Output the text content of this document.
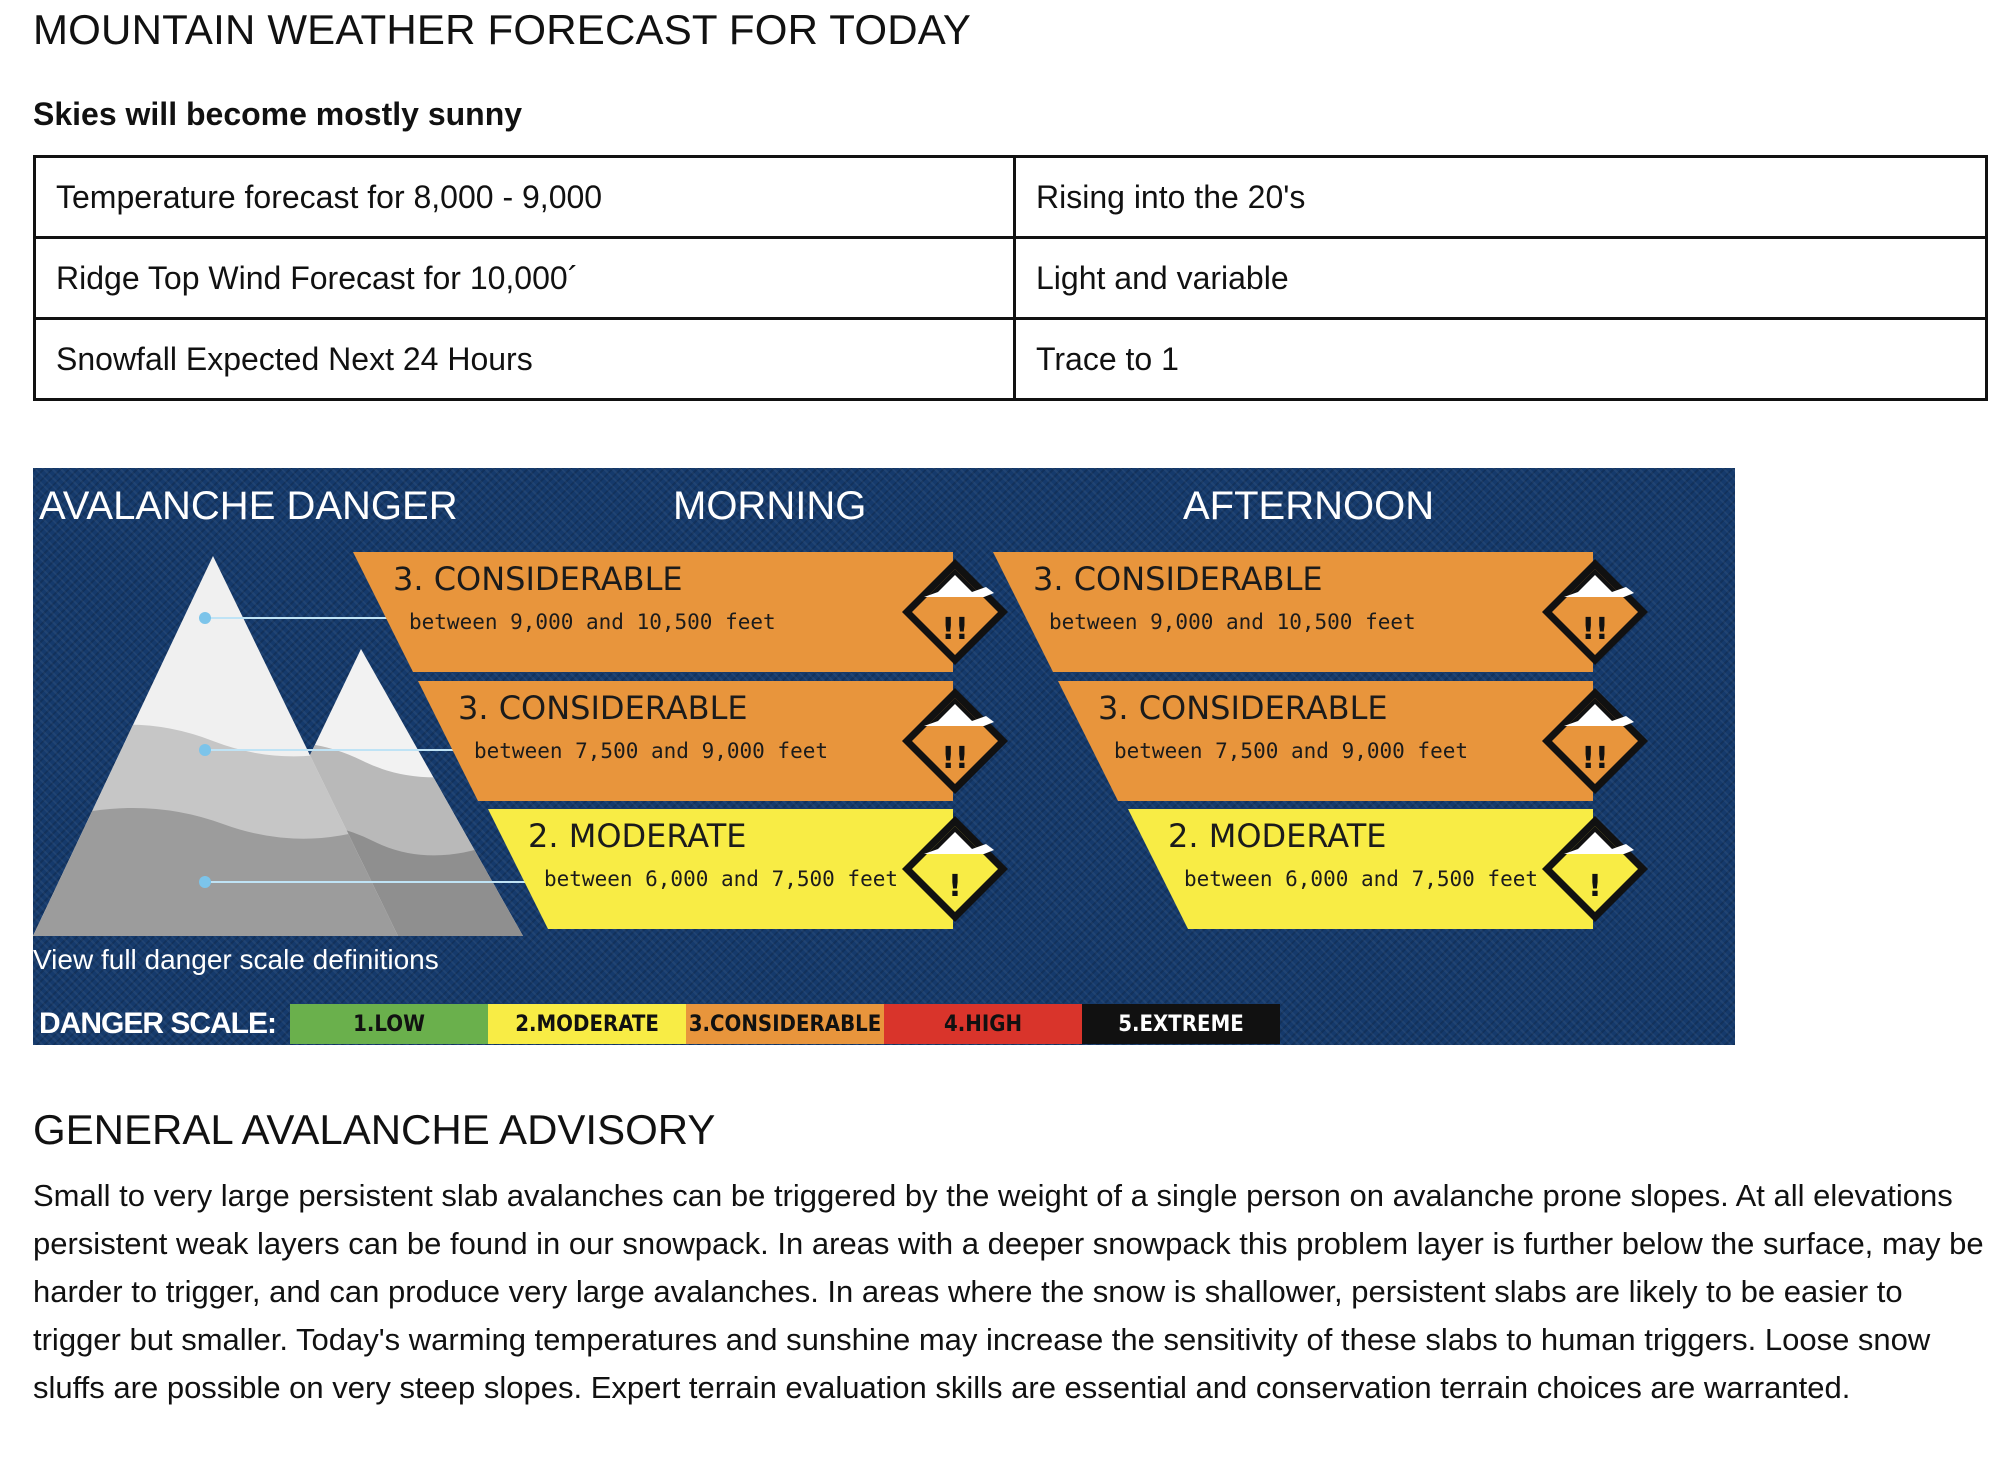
MOUNTAIN WEATHER FORECAST FOR TODAY
Skies will become mostly sunny
Temperature forecast for 8,000 - 9,000	Rising into the 20's
Ridge Top Wind Forecast for 10,000´	Light and variable
Snowfall Expected Next 24 Hours	Trace to 1
AVALANCHE DANGER	MORNING	AFTERNOON
3. CONSIDERABLE
between 9,000 and 10,500 feet	!!
3. CONSIDERABLE
between 7,500 and 9,000 feet	!!
2. MODERATE
between 6,000 and 7,500 feet !
3. CONSIDERABLE
between 9,000 and 10,500 feet	!!
3. CONSIDERABLE
between 7,500 and 9,000 feet	!!
2. MODERATE
between 6,000 and 7,500 feet !
View full danger scale definitions
DANGER SCALE:	1.LOW	2.MODERATE	3.CONSIDERABLE	4.HIGH	5.EXTREME
GENERAL AVALANCHE ADVISORY

Small to very large persistent slab avalanches can be triggered by the weight of a single person on avalanche prone slopes. At all elevations persistent weak layers can be found in our snowpack. In areas with a deeper snowpack this problem layer is further below the surface, may be harder to trigger, and can produce very large avalanches. In areas where the snow is shallower, persistent slabs are likely to be easier to trigger but smaller. Today's warming temperatures and sunshine may increase the sensitivity of these slabs to human triggers. Loose snow sluffs are possible on very steep slopes. Expert terrain evaluation skills are essential and conservation terrain choices are warranted.
